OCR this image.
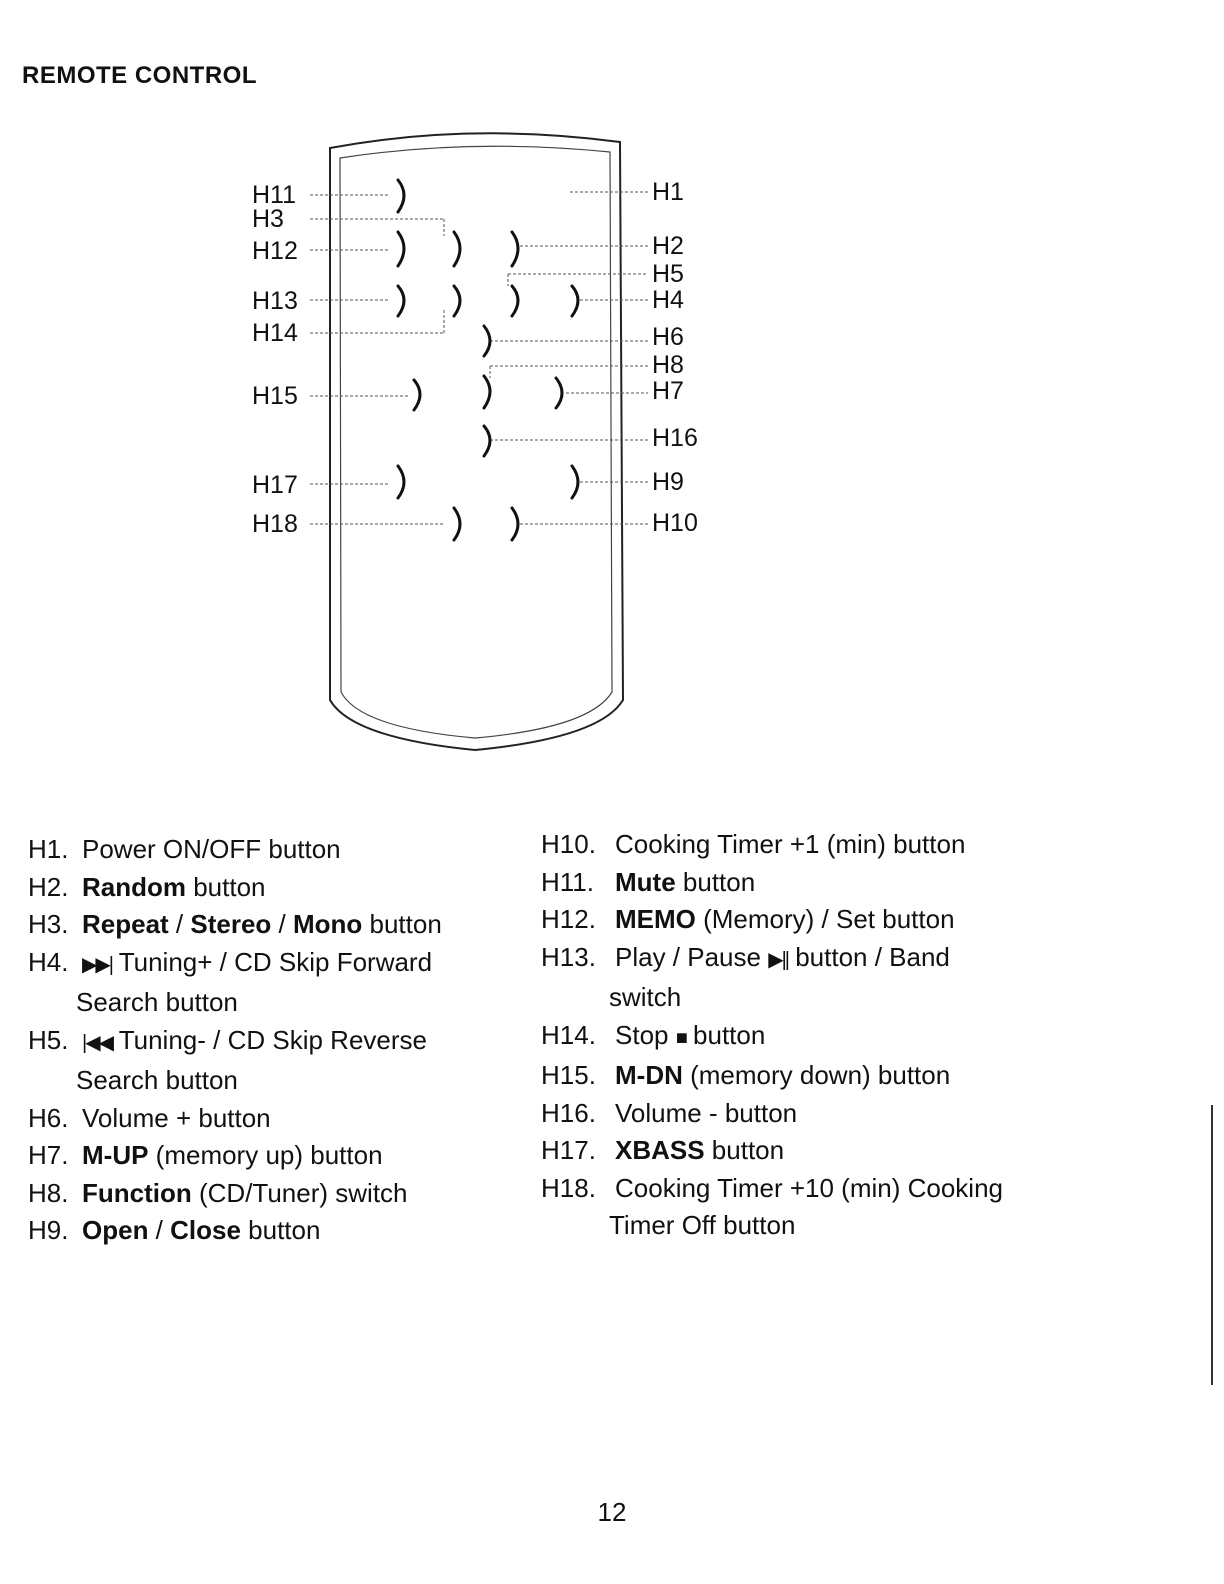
REMOTE CONTROL
H11
H3
H12
H13
H14
H15
H17
H18
H1
H2
H5
H4
H6
H8
H7
H16
H9
H10
H1. Power ON/OFF button
H2. Random button
H3. Repeat / Stereo / Mono button
H4. ▶▶| Tuning+ / CD Skip Forward
Search button
H5. |◀◀ Tuning- / CD Skip Reverse
Search button
H6. Volume + button
H7. M-UP (memory up) button
H8. Function (CD/Tuner) switch
H9. Open / Close button
H10. Cooking Timer +1 (min) button
H11. Mute button
H12. MEMO (Memory) / Set button
H13. Play / Pause ▶|| button / Band
switch
H14. Stop ■ button
H15. M-DN (memory down) button
H16. Volume - button
H17. XBASS button
H18. Cooking Timer +10 (min) Cooking
Timer Off button
12
